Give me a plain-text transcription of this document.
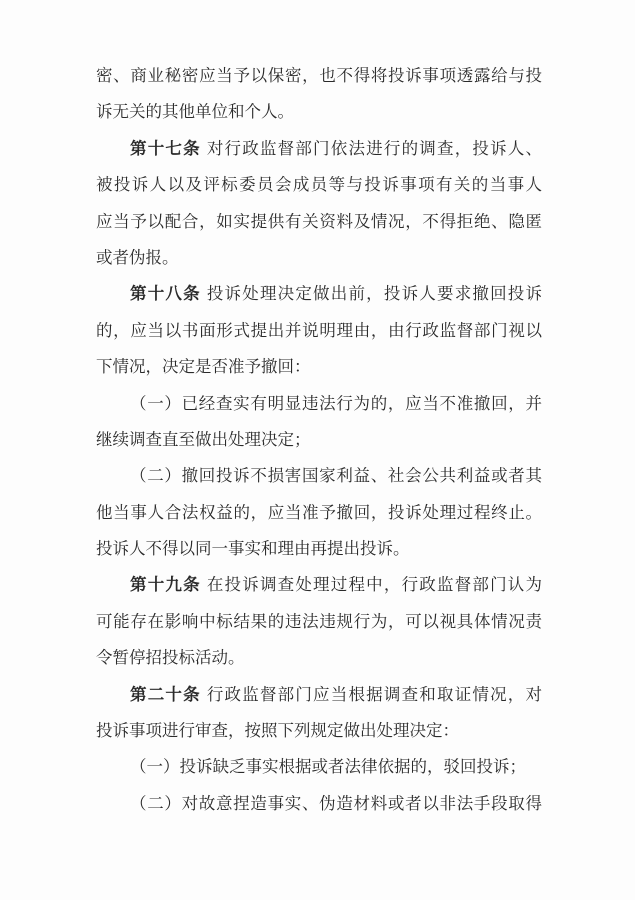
密、商业秘密应当予以保密，也不得将投诉事项透露给与投
诉无关的其他单位和个人。
第十七条 对行政监督部门依法进行的调查，投诉人、
被投诉人以及评标委员会成员等与投诉事项有关的当事人
应当予以配合，如实提供有关资料及情况，不得拒绝、隐匿
或者伪报。
第十八条 投诉处理决定做出前，投诉人要求撤回投诉
的，应当以书面形式提出并说明理由，由行政监督部门视以
下情况，决定是否准予撤回：
（一）已经查实有明显违法行为的，应当不准撤回，并
继续调查直至做出处理决定；
（二）撤回投诉不损害国家利益、社会公共利益或者其
他当事人合法权益的，应当准予撤回，投诉处理过程终止。
投诉人不得以同一事实和理由再提出投诉。
第十九条 在投诉调查处理过程中，行政监督部门认为
可能存在影响中标结果的违法违规行为，可以视具体情况责
令暂停招投标活动。
第二十条 行政监督部门应当根据调查和取证情况，对
投诉事项进行审查，按照下列规定做出处理决定：
（一）投诉缺乏事实根据或者法律依据的，驳回投诉；
（二）对故意捏造事实、伪造材料或者以非法手段取得
